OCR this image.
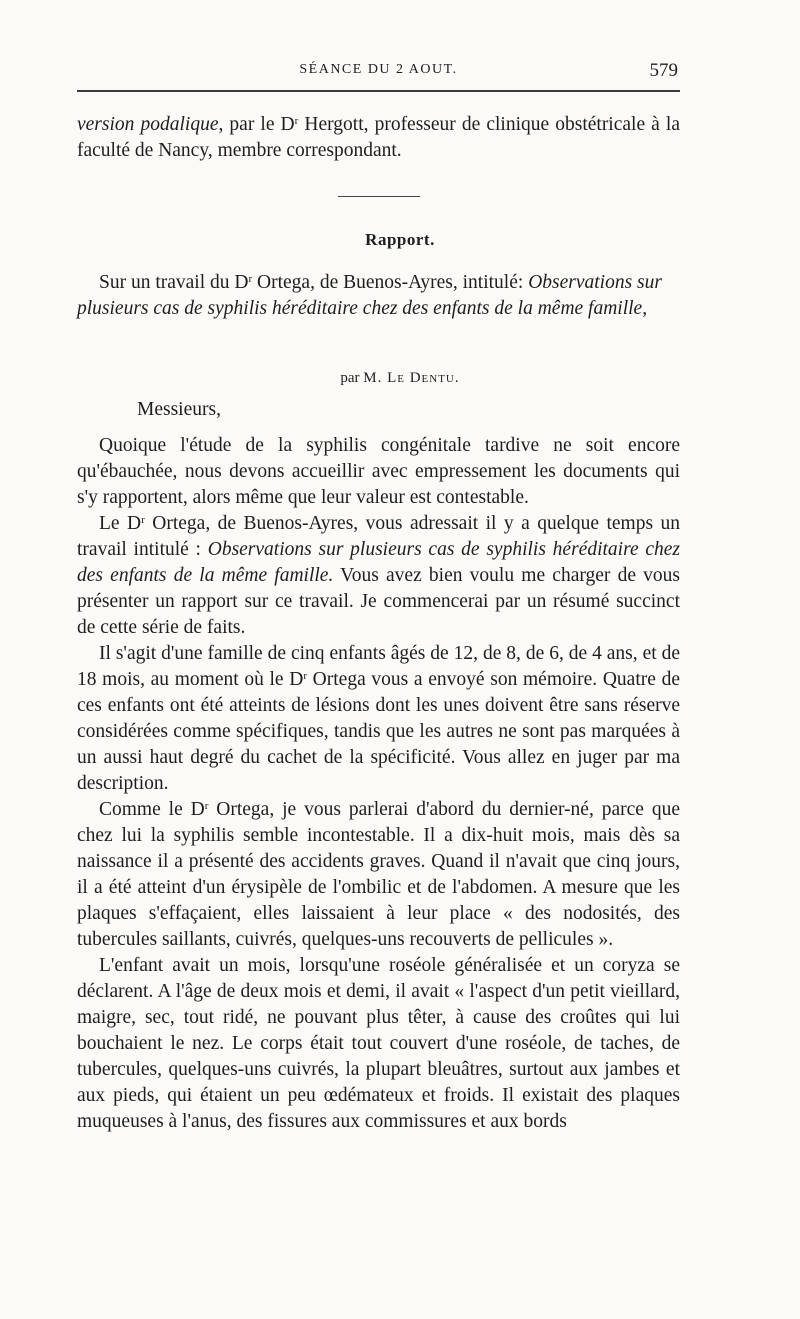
SÉANCE DU 2 AOUT.	579
version podalique, par le $D^r$ Hergott, professeur de clinique obstétricale à la faculté de Nancy, membre correspondant.
Rapport.

Sur un travail du $D^r$ Ortega, de Buenos-Ayres, intitulé: Observations sur plusieurs cas de syphilis héréditaire chez des enfants de la même famille,

par M. Le Dentu.
Messieurs,

Quoique l'étude de la syphilis congénitale tardive ne soit encore qu'ébauchée, nous devons accueillir avec empressement les documents qui s'y rapportent, alors même que leur valeur est contestable.

Le $D^r$ Ortega, de Buenos-Ayres, vous adressait il y a quelque temps un travail intitulé : Observations sur plusieurs cas de syphilis héréditaire chez des enfants de la même famille. Vous avez bien voulu me charger de vous présenter un rapport sur ce travail. Je commencerai par un résumé succinct de cette série de faits.

Il s'agit d'une famille de cinq enfants âgés de 12, de 8, de 6, de 4 ans, et de 18 mois, au moment où le $D^r$ Ortega vous a envoyé son mémoire. Quatre de ces enfants ont été atteints de lésions dont les unes doivent être sans réserve considérées comme spécifiques, tandis que les autres ne sont pas marquées à un aussi haut degré du cachet de la spécificité. Vous allez en juger par ma description.

Comme le $D^r$ Ortega, je vous parlerai d'abord du dernier-né, parce que chez lui la syphilis semble incontestable. Il a dix-huit mois, mais dès sa naissance il a présenté des accidents graves. Quand il n'avait que cinq jours, il a été atteint d'un érysipèle de l'ombilic et de l'abdomen. A mesure que les plaques s'effaçaient, elles laissaient à leur place « des nodosités, des tubercules saillants, cuivrés, quelques-uns recouverts de pellicules ».

L'enfant avait un mois, lorsqu'une roséole généralisée et un coryza se déclarent. A l'âge de deux mois et demi, il avait « l'aspect d'un petit vieillard, maigre, sec, tout ridé, ne pouvant plus têter, à cause des croûtes qui lui bouchaient le nez. Le corps était tout couvert d'une roséole, de taches, de tubercules, quelques-uns cuivrés, la plupart bleuâtres, surtout aux jambes et aux pieds, qui étaient un peu œdémateux et froids. Il existait des plaques muqueuses à l'anus, des fissures aux commissures et aux bords
